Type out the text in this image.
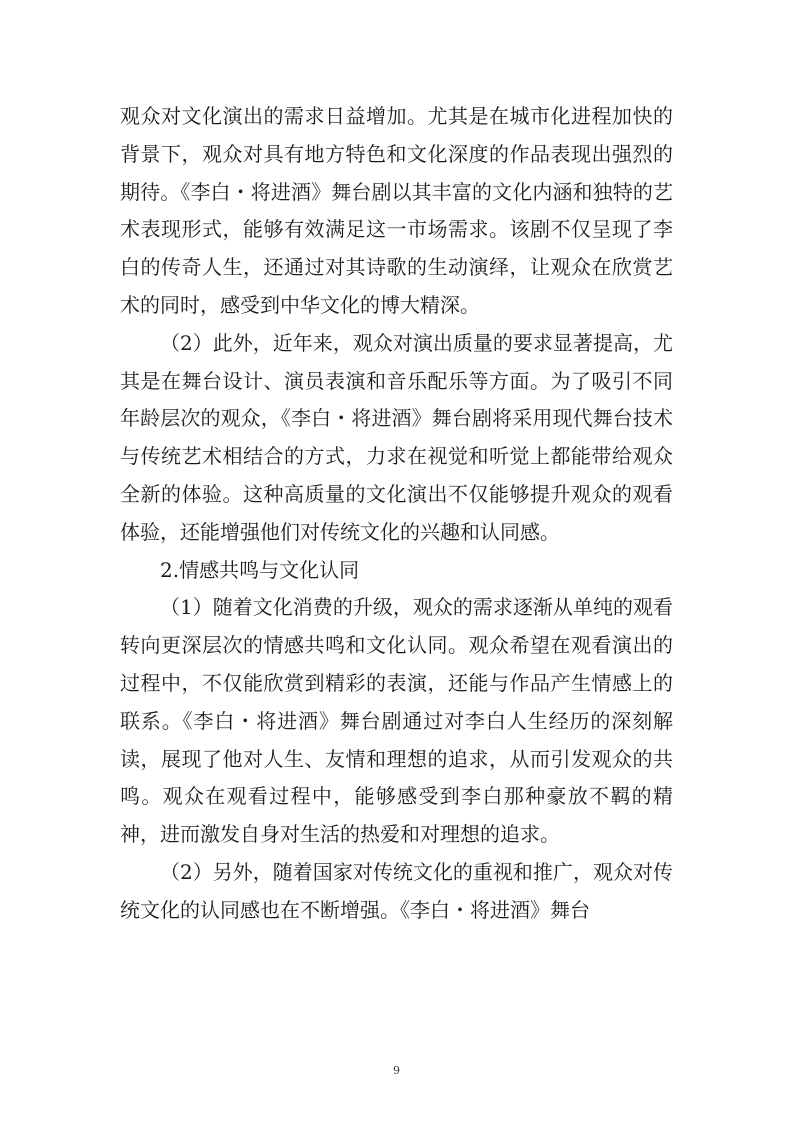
观众对文化演出的需求日益增加。尤其是在城市化进程加快的背景下，观众对具有地方特色和文化深度的作品表现出强烈的期待。《李白・将进酒》舞台剧以其丰富的文化内涵和独特的艺术表现形式，能够有效满足这一市场需求。该剧不仅呈现了李白的传奇人生，还通过对其诗歌的生动演绎，让观众在欣赏艺术的同时，感受到中华文化的博大精深。

（2）此外，近年来，观众对演出质量的要求显著提高，尤其是在舞台设计、演员表演和音乐配乐等方面。为了吸引不同年龄层次的观众，《李白・将进酒》舞台剧将采用现代舞台技术与传统艺术相结合的方式，力求在视觉和听觉上都能带给观众全新的体验。这种高质量的文化演出不仅能够提升观众的观看体验，还能增强他们对传统文化的兴趣和认同感。

2.情感共鸣与文化认同

（1）随着文化消费的升级，观众的需求逐渐从单纯的观看转向更深层次的情感共鸣和文化认同。观众希望在观看演出的过程中，不仅能欣赏到精彩的表演，还能与作品产生情感上的联系。《李白・将进酒》舞台剧通过对李白人生经历的深刻解读，展现了他对人生、友情和理想的追求，从而引发观众的共鸣。观众在观看过程中，能够感受到李白那种豪放不羁的精神，进而激发自身对生活的热爱和对理想的追求。

（2）另外，随着国家对传统文化的重视和推广，观众对传统文化的认同感也在不断增强。《李白・将进酒》舞台

9
